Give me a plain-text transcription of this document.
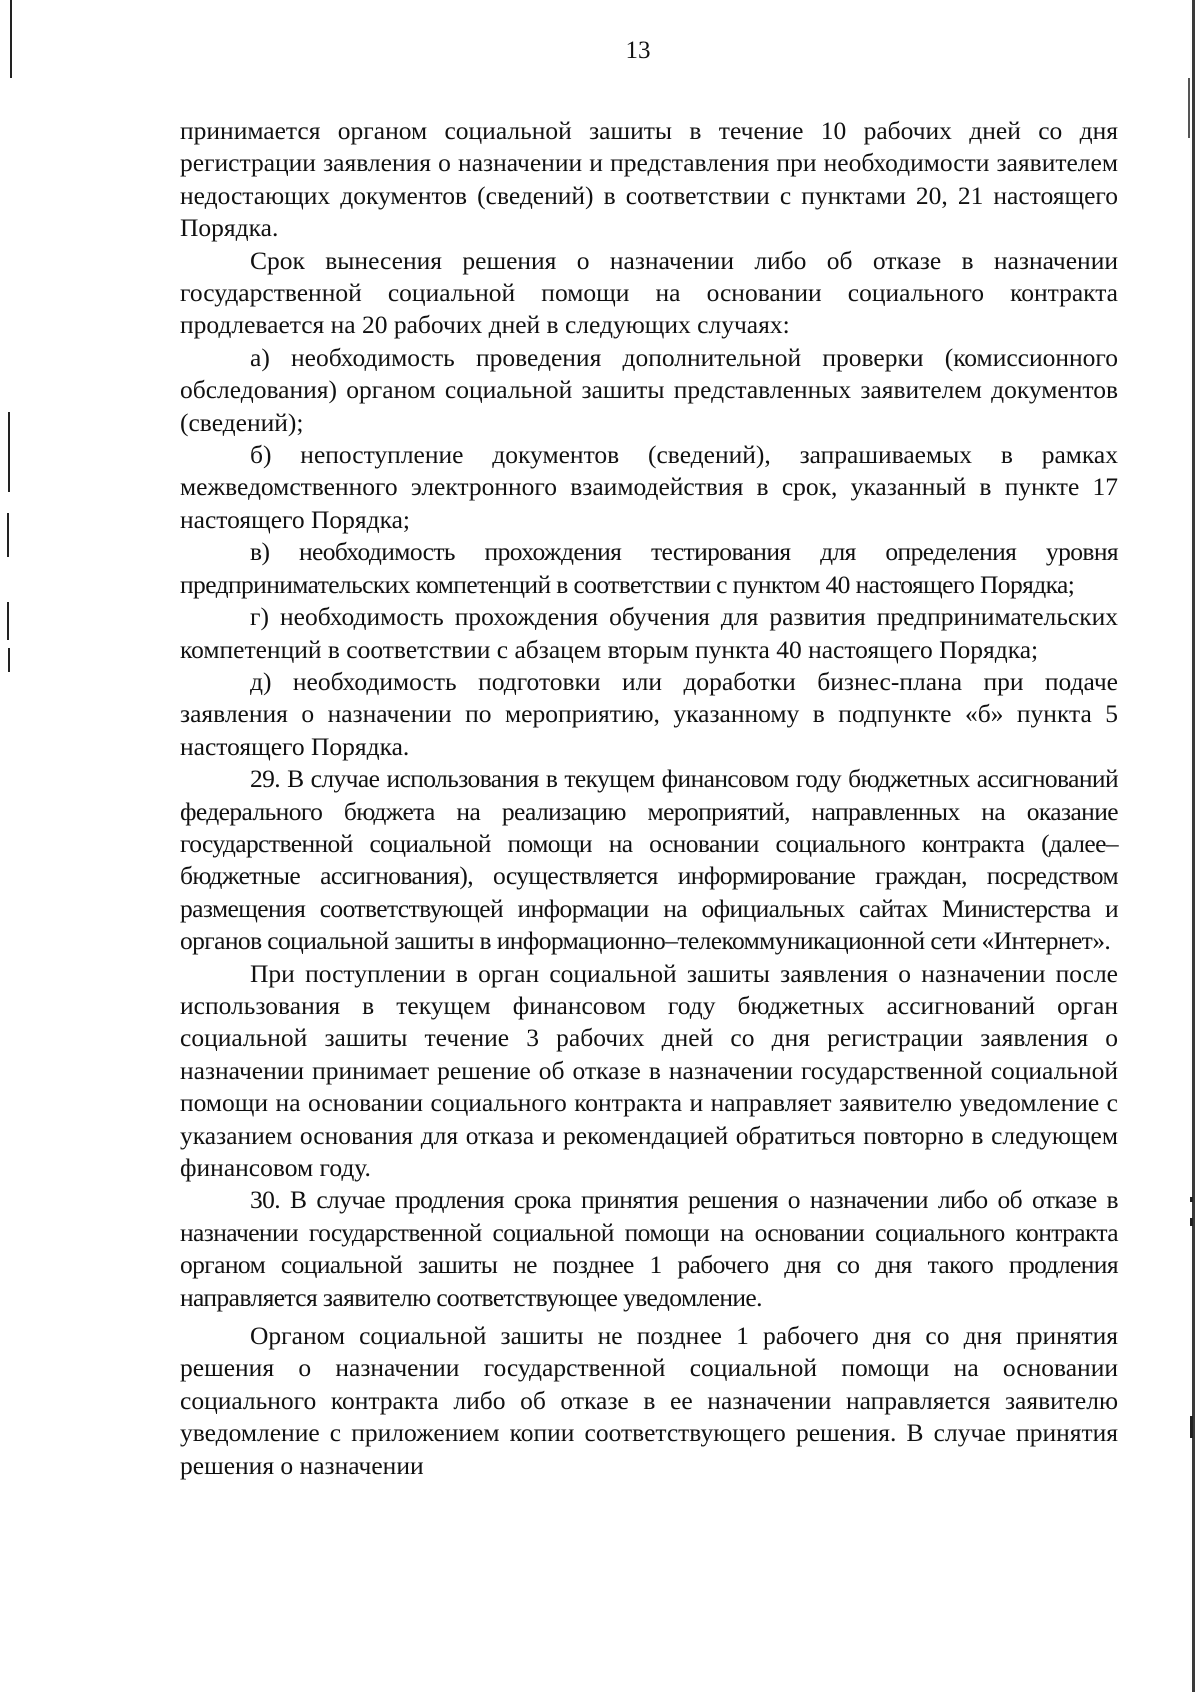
13

принимается органом социальной зашиты в течение 10 рабочих дней со дня регистрации заявления о назначении и представления при необходимости заявителем недостающих документов (сведений) в соответствии с пунктами 20, 21 настоящего Порядка.

Срок вынесения решения о назначении либо об отказе в назначении государственной социальной помощи на основании социального контракта продлевается на 20 рабочих дней в следующих случаях:

а) необходимость проведения дополнительной проверки (комиссионного обследования) органом социальной зашиты представленных заявителем документов (сведений);

б) непоступление документов (сведений), запрашиваемых в рамках межведомственного электронного взаимодействия в срок, указанный в пункте 17 настоящего Порядка;

в) необходимость прохождения тестирования для определения уровня предпринимательских компетенций в соответствии с пунктом 40 настоящего Порядка;

г) необходимость прохождения обучения для развития предпринимательских компетенций в соответствии с абзацем вторым пункта 40 настоящего Порядка;

д) необходимость подготовки или доработки бизнес-плана при подаче заявления о назначении по мероприятию, указанному в подпункте «б» пункта 5 настоящего Порядка.

29. В случае использования в текущем финансовом году бюджетных ассигнований федерального бюджета на реализацию мероприятий, направленных на оказание государственной социальной помощи на основании социального контракта (далее–бюджетные ассигнования), осуществляется информирование граждан, посредством размещения соответствующей информации на официальных сайтах Министерства и органов социальной зашиты в информационно–телекоммуникационной сети «Интернет».

При поступлении в орган социальной зашиты заявления о назначении после использования в текущем финансовом году бюджетных ассигнований орган социальной зашиты течение 3 рабочих дней со дня регистрации заявления о назначении принимает решение об отказе в назначении государственной социальной помощи на основании социального контракта и направляет заявителю уведомление с указанием основания для отказа и рекомендацией обратиться повторно в следующем финансовом году.

30. В случае продления срока принятия решения о назначении либо об отказе в назначении государственной социальной помощи на основании социального контракта органом социальной зашиты не позднее 1 рабочего дня со дня такого продления направляется заявителю соответствующее уведомление.

Органом социальной зашиты не позднее 1 рабочего дня со дня принятия решения о назначении государственной социальной помощи на основании социального контракта либо об отказе в ее назначении направляется заявителю уведомление с приложением копии соответствующего решения. В случае принятия решения о назначении
